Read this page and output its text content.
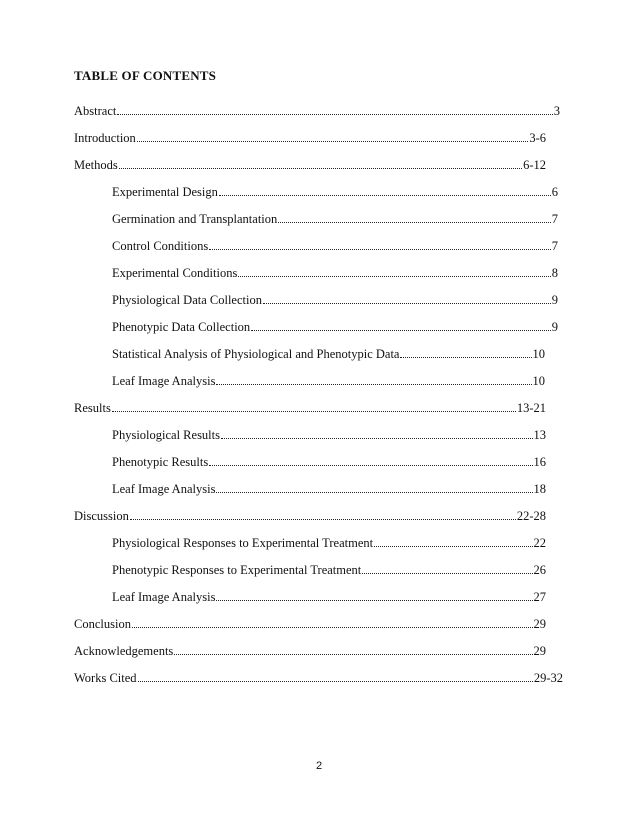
TABLE OF CONTENTS
Abstract	3
Introduction	3-6
Methods	6-12
Experimental Design	6
Germination and Transplantation	7
Control Conditions	7
Experimental Conditions	8
Physiological Data Collection	9
Phenotypic Data Collection	9
Statistical Analysis of Physiological and Phenotypic Data	10
Leaf Image Analysis	10
Results	13-21
Physiological Results	13
Phenotypic Results	16
Leaf Image Analysis	18
Discussion	22-28
Physiological Responses to Experimental Treatment	22
Phenotypic Responses to Experimental Treatment	26
Leaf Image Analysis	27
Conclusion	29
Acknowledgements	29
Works Cited	29-32
2
